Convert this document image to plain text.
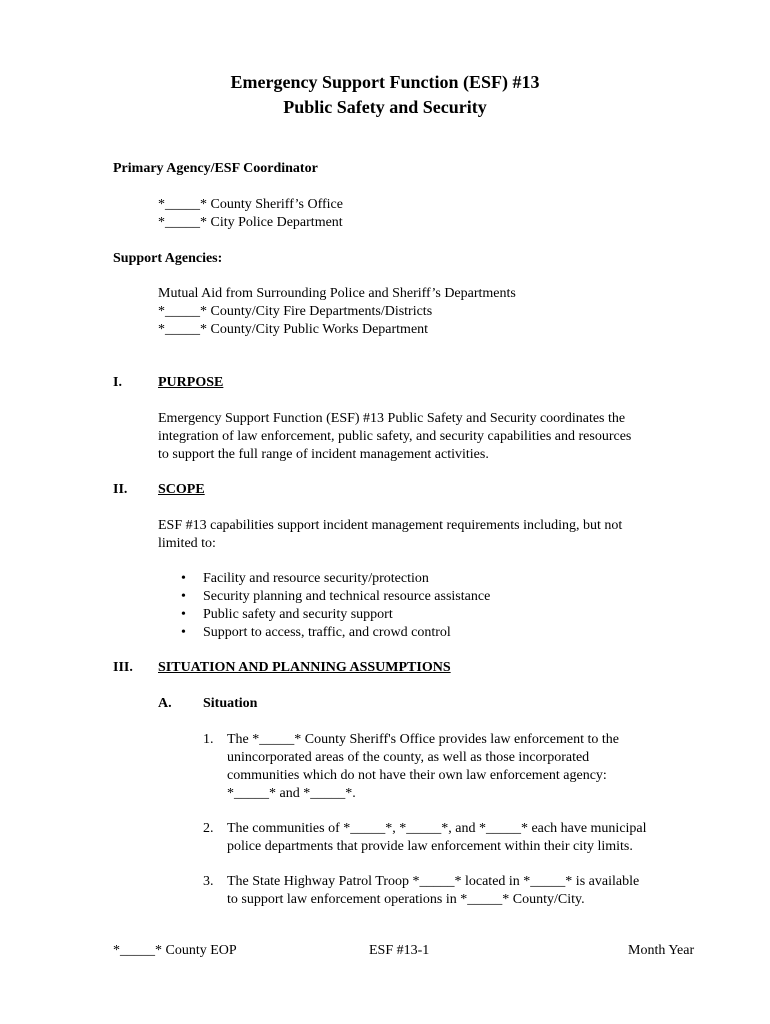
Emergency Support Function (ESF) #13
Public Safety and Security
Primary Agency/ESF Coordinator
*_____* County Sheriff’s Office
*_____* City Police Department
Support Agencies:
Mutual Aid from Surrounding Police and Sheriff’s Departments
*_____* County/City Fire Departments/Districts
*_____* County/City Public Works Department
I.	PURPOSE
Emergency Support Function (ESF) #13 Public Safety and Security coordinates the
integration of law enforcement, public safety, and security capabilities and resources
to support the full range of incident management activities.
II. SCOPE
ESF #13 capabilities support incident management requirements including, but not
limited to:
• Facility and resource security/protection
• Security planning and technical resource assistance
• Public safety and security support
• Support to access, traffic, and crowd control
III. SITUATION AND PLANNING ASSUMPTIONS
A. Situation
1. The *_____* County Sheriff's Office provides law enforcement to the
unincorporated areas of the county, as well as those incorporated
communities which do not have their own law enforcement agency:
*_____* and *_____*.
2. The communities of *_____*, *_____*, and *_____* each have municipal
police departments that provide law enforcement within their city limits.
3. The State Highway Patrol Troop *_____* located in *_____* is available
to support law enforcement operations in *_____* County/City.
*_____* County EOP	ESF #13-1	Month Year
